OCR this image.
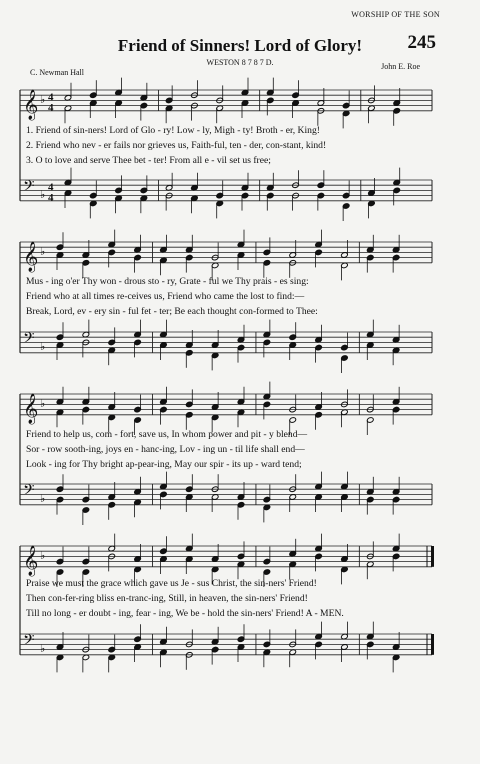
WORSHIP OF THE SON
245
Friend of Sinners! Lord of Glory!
WESTON 8 7 8 7 D.
C. Newman Hall
John E. Roe
𝄞 ♭ 4
4
𝄢 ♭
4
4
𝄞 ♭
𝄢 ♭
𝄞 ♭
𝄢 ♭
𝄞 ♭
𝄢 ♭
1. Friend of sin-ners! Lord of Glo - ry! Low - ly, Migh - ty! Broth - er, King!
2. Friend who nev - er fails nor grieves us, Faith-ful, ten - der, con-stant, kind!
3. O to love and serve Thee bet - ter! From all e - vil set us free;
Mus - ing o'er Thy won - drous sto - ry, Grate - ful we Thy prais - es sing:
Friend who at all times re-ceives us, Friend who came the lost to find:—
Break, Lord, ev - ery sin - ful fet - ter; Be each thought con-formed to Thee:
Friend to help us, com - fort, save us, In whom power and pit - y blend—
Sor - row sooth-ing, joys en - hanc-ing, Lov - ing un - til life shall end—
Look - ing for Thy bright ap-pear-ing, May our spir - its up - ward tend;
Praise we must the grace which gave us Je - sus Christ, the sin-ners' Friend!
Then con-fer-ring bliss en-tranc-ing, Still, in heaven, the sin-ners' Friend!
Till no long - er doubt - ing, fear - ing, We be - hold the sin-ners' Friend! A - MEN.
